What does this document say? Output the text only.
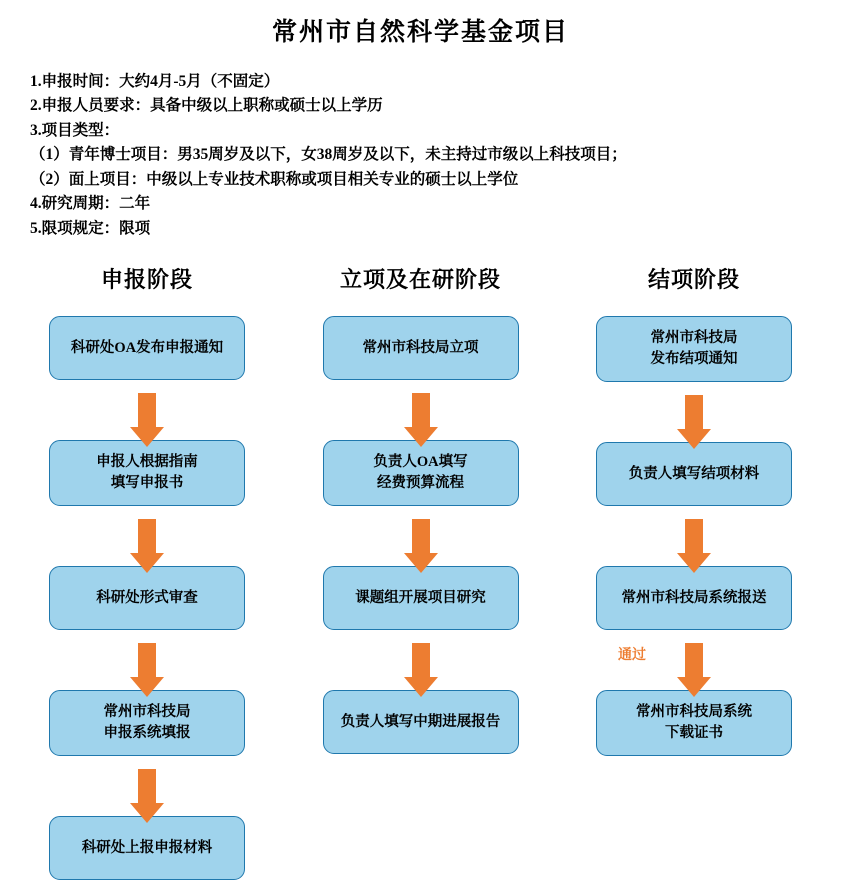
常州市自然科学基金项目
1.申报时间：大约4月-5月（不固定）
2.申报人员要求：具备中级以上职称或硕士以上学历
3.项目类型：
（1）青年博士项目：男35周岁及以下，女38周岁及以下，未主持过市级以上科技项目；
（2）面上项目：中级以上专业技术职称或项目相关专业的硕士以上学位
4.研究周期：二年
5.限项规定：限项
申报阶段
科研处OA发布申报通知
申报人根据指南
填写申报书
科研处形式审查
常州市科技局
申报系统填报
科研处上报申报材料
立项及在研阶段
常州市科技局立项
负责人OA填写
经费预算流程
课题组开展项目研究
负责人填写中期进展报告
结项阶段
常州市科技局
发布结项通知
负责人填写结项材料
常州市科技局系统报送
通过
常州市科技局系统
下载证书
